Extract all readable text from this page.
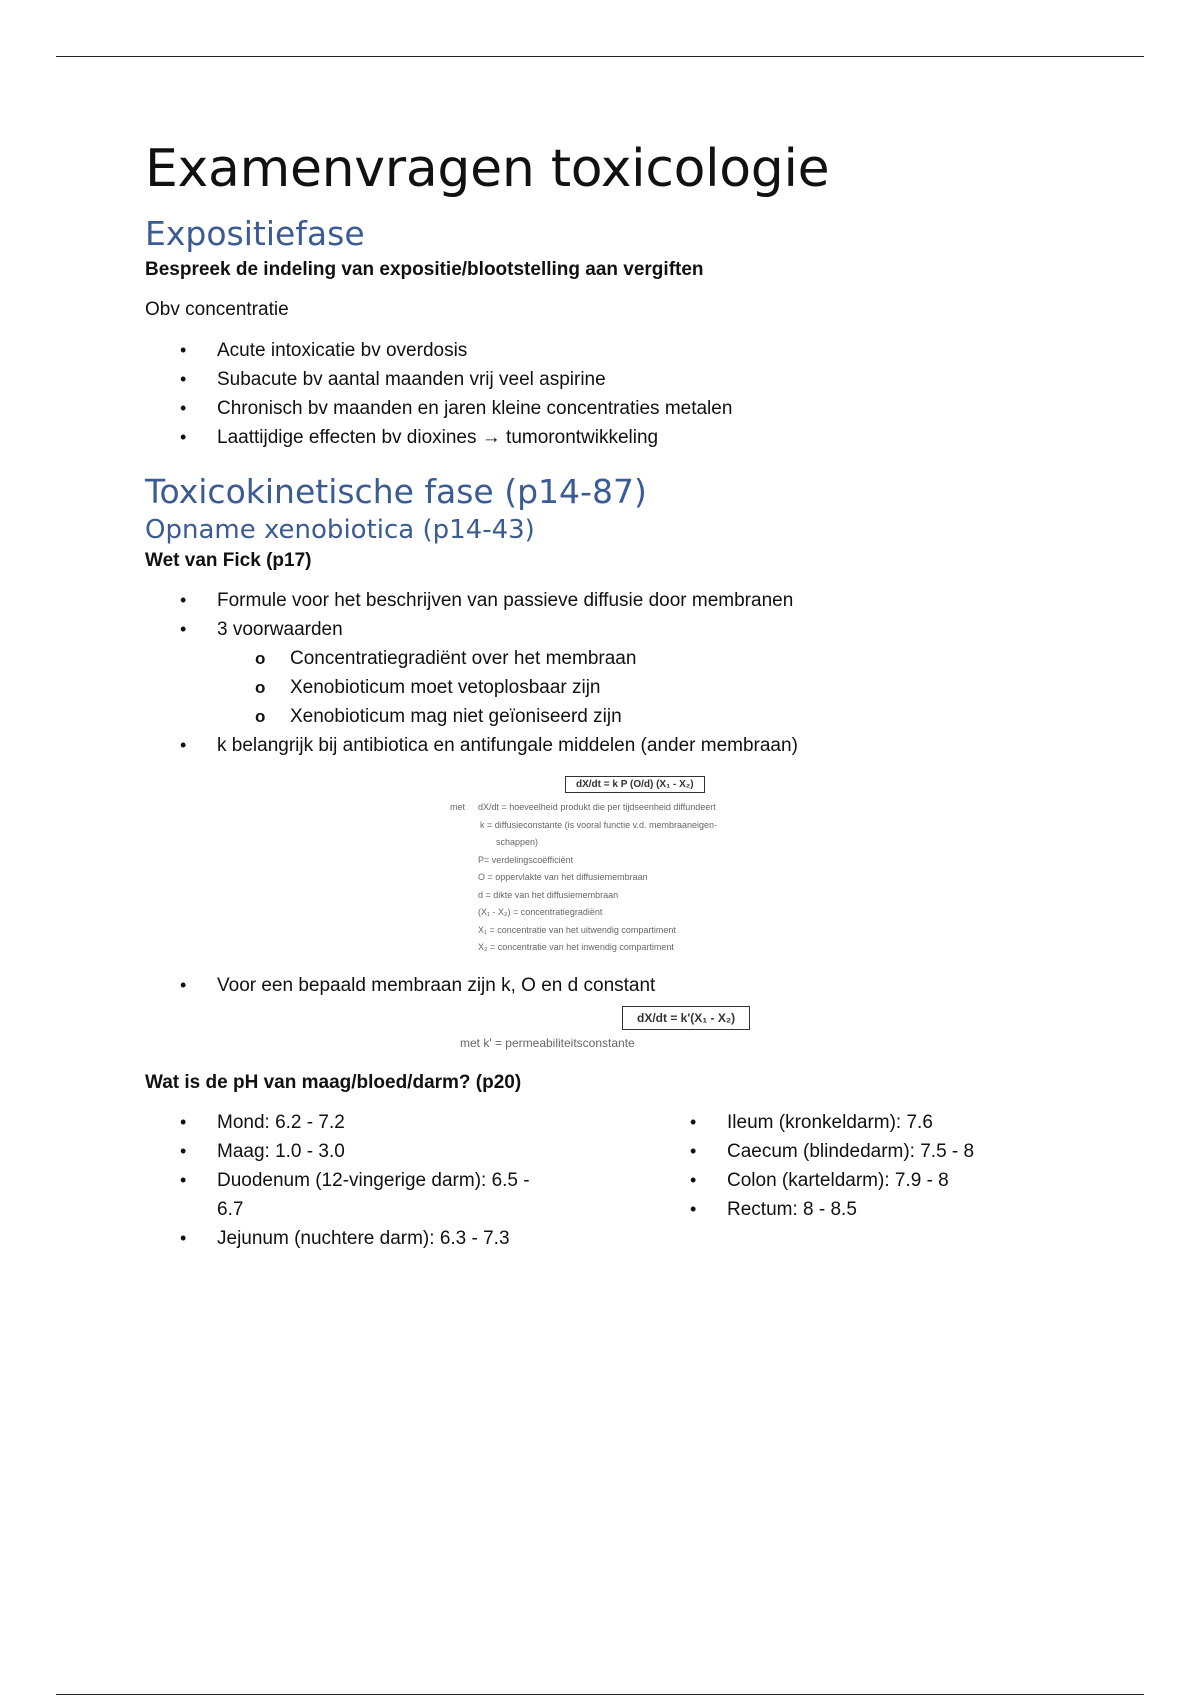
Examenvragen toxicologie
Expositiefase

Bespreek de indeling van expositie/blootstelling aan vergiften

Obv concentratie

• Acute intoxicatie bv overdosis
• Subacute bv aantal maanden vrij veel aspirine
• Chronisch bv maanden en jaren kleine concentraties metalen
• Laattijdige effecten bv dioxines → tumorontwikkeling
Toxicokinetische fase (p14-87)
Opname xenobiotica (p14-43)

Wet van Fick (p17)

• Formule voor het beschrijven van passieve diffusie door membranen
• 3 voorwaarden
o Concentratiegradiënt over het membraan
o Xenobioticum moet vetoplosbaar zijn
o Xenobioticum mag niet geïoniseerd zijn
• k belangrijk bij antibiotica en antifungale middelen (ander membraan)
dX/dt = k P (O/d) (X₁ - X₂)
met	dX/dt = hoeveelheid produkt die per tijdseenheid diffundeert
k = diffusieconstante (is vooral functie v.d. membraaneigen-
schappen)
P= verdelingscoëfficiënt
O = oppervlakte van het diffusiemembraan
d = dikte van het diffusiemembraan
(X₁ - X₂) = concentratiegradiënt
X₁ = concentratie van het uitwendig compartiment
X₂ = concentratie van het inwendig compartiment
• Voor een bepaald membraan zijn k, O en d constant
dX/dt = k'(X₁ - X₂)
met k' = permeabiliteitsconstante

Wat is de pH van maag/bloed/darm? (p20)

• Mond: 6.2 - 7.2
• Maag: 1.0 - 3.0
• Duodenum (12-vingerige darm): 6.5 - 6.7
• Jejunum (nuchtere darm): 6.3 - 7.3
• Ileum (kronkeldarm): 7.6
• Caecum (blindedarm): 7.5 - 8
• Colon (karteldarm): 7.9 - 8
• Rectum: 8 - 8.5
